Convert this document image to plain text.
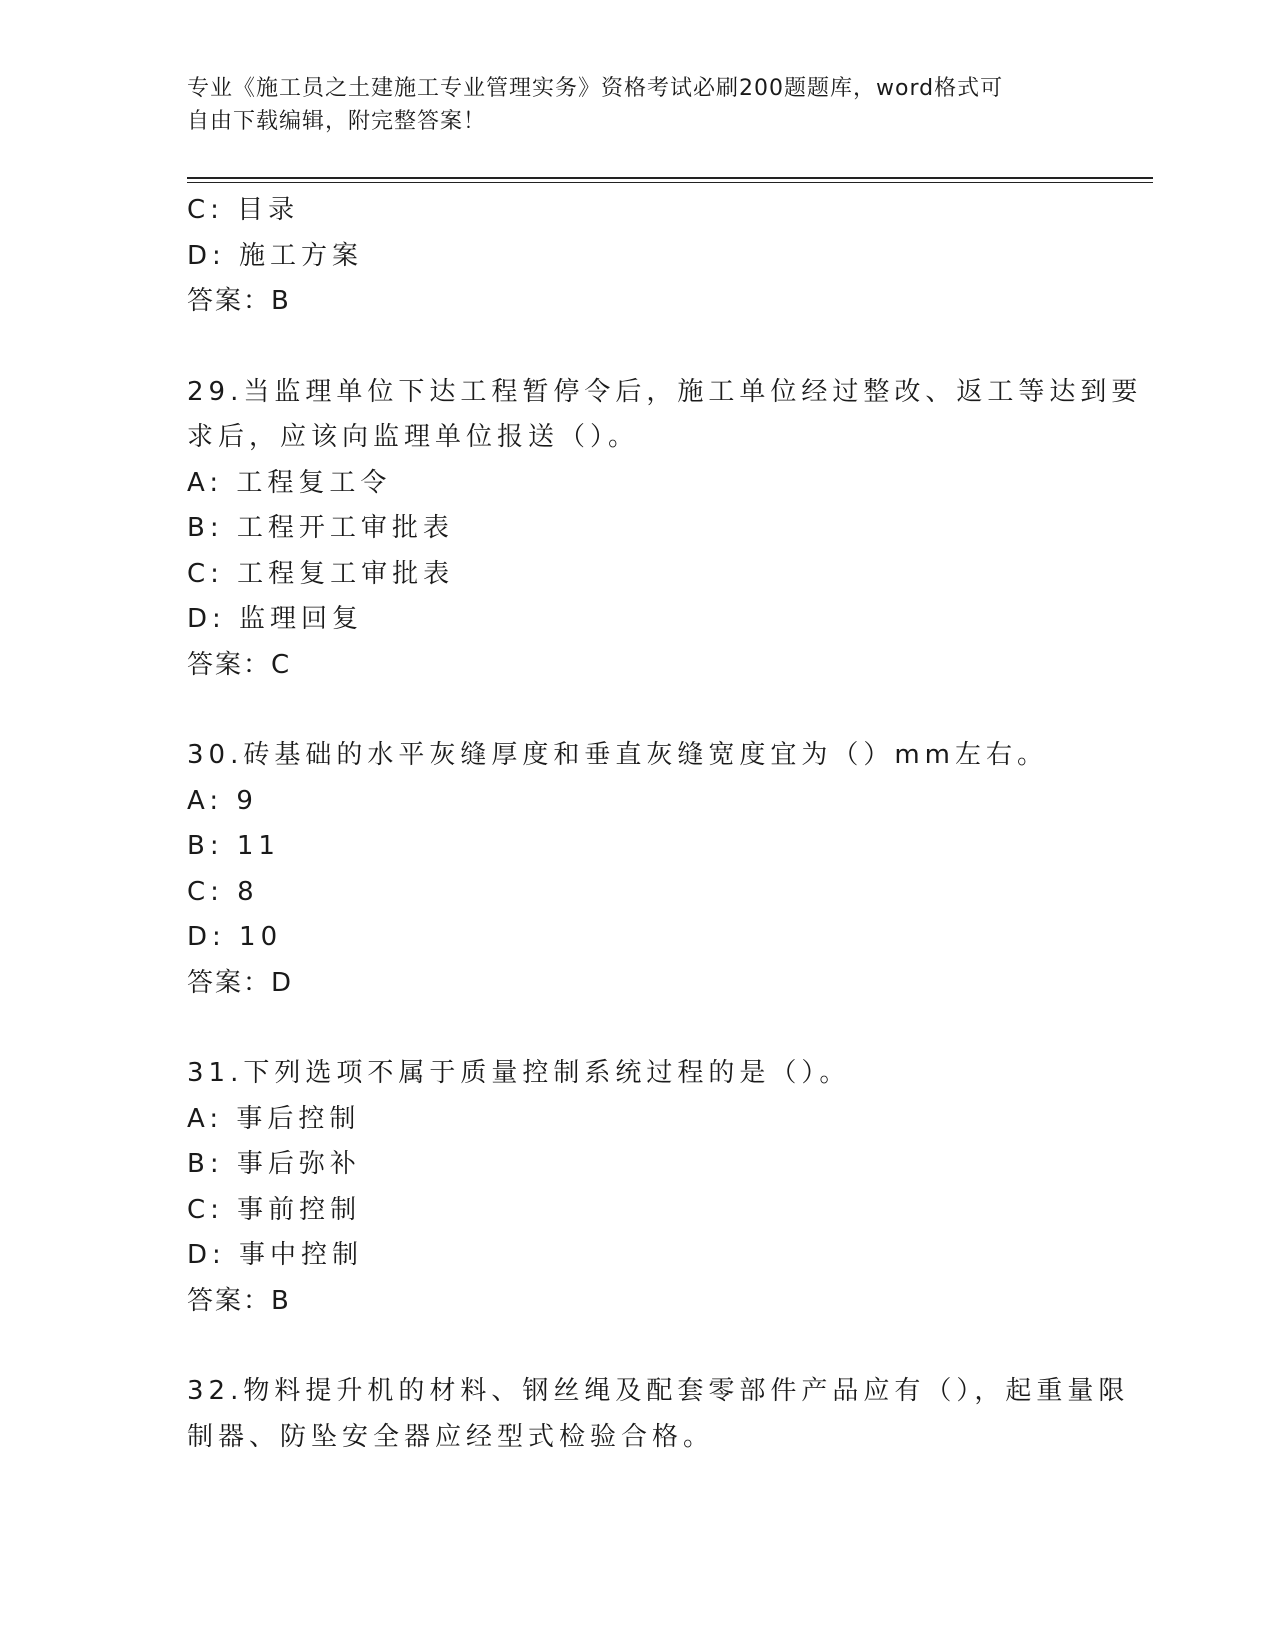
专业《施工员之土建施工专业管理实务》资格考试必刷200题题库，word格式可
自由下载编辑，附完整答案！
C: 目录
D: 施工方案
答案：B
29.当监理单位下达工程暂停令后，施工单位经过整改、返工等达到要
求后，应该向监理单位报送（）。
A: 工程复工令
B: 工程开工审批表
C: 工程复工审批表
D: 监理回复
答案：C
30.砖基础的水平灰缝厚度和垂直灰缝宽度宜为（）mm左右。
A: 9
B: 11
C: 8
D: 10
答案：D
31.下列选项不属于质量控制系统过程的是（）。
A: 事后控制
B: 事后弥补
C: 事前控制
D: 事中控制
答案：B
32.物料提升机的材料、钢丝绳及配套零部件产品应有（），起重量限
制器、防坠安全器应经型式检验合格。
